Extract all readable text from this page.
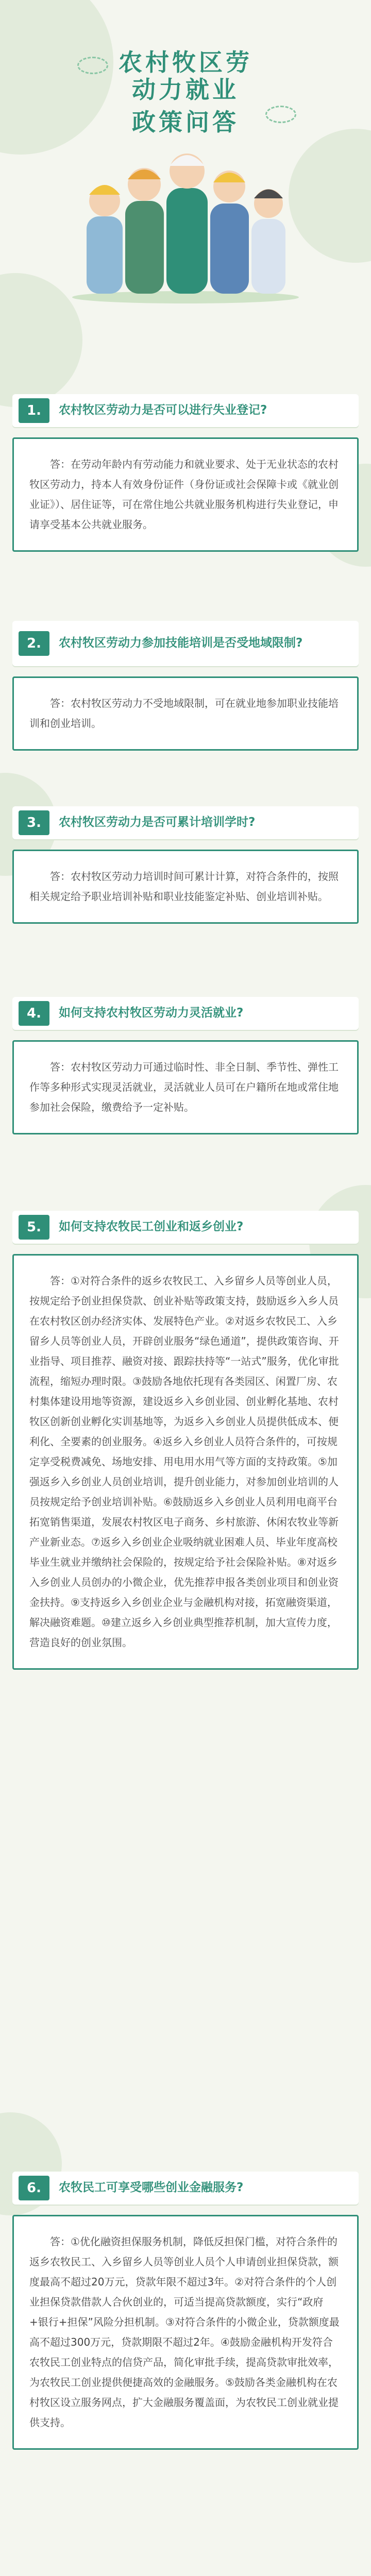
农村牧区劳动力就业
政策问答
1.	农村牧区劳动力是否可以进行失业登记?

答：在劳动年龄内有劳动能力和就业要求、处于无业状态的农村牧区劳动力，持本人有效身份证件（身份证或社会保障卡或《就业创业证》）、居住证等，可在常住地公共就业服务机构进行失业登记，申请享受基本公共就业服务。

2.	农村牧区劳动力参加技能培训是否受地域限制?

答：农村牧区劳动力不受地域限制，可在就业地参加职业技能培训和创业培训。

3.	农村牧区劳动力是否可累计培训学时?

答：农村牧区劳动力培训时间可累计计算，对符合条件的，按照相关规定给予职业培训补贴和职业技能鉴定补贴、创业培训补贴。

4.	如何支持农村牧区劳动力灵活就业?

答：农村牧区劳动力可通过临时性、非全日制、季节性、弹性工作等多种形式实现灵活就业，灵活就业人员可在户籍所在地或常住地参加社会保险，缴费给予一定补贴。

5.	如何支持农牧民工创业和返乡创业?

答：①对符合条件的返乡农牧民工、入乡留乡人员等创业人员，按规定给予创业担保贷款、创业补贴等政策支持，鼓励返乡入乡人员在农村牧区创办经济实体、发展特色产业。②对返乡农牧民工、入乡留乡人员等创业人员，开辟创业服务“绿色通道”，提供政策咨询、开业指导、项目推荐、融资对接、跟踪扶持等“一站式”服务，优化审批流程，缩短办理时限。③鼓励各地依托现有各类园区、闲置厂房、农村集体建设用地等资源，建设返乡入乡创业园、创业孵化基地、农村牧区创新创业孵化实训基地等，为返乡入乡创业人员提供低成本、便利化、全要素的创业服务。④返乡入乡创业人员符合条件的，可按规定享受税费减免、场地安排、用电用水用气等方面的支持政策。⑤加强返乡入乡创业人员创业培训，提升创业能力，对参加创业培训的人员按规定给予创业培训补贴。⑥鼓励返乡入乡创业人员利用电商平台拓宽销售渠道，发展农村牧区电子商务、乡村旅游、休闲农牧业等新产业新业态。⑦返乡入乡创业企业吸纳就业困难人员、毕业年度高校毕业生就业并缴纳社会保险的，按规定给予社会保险补贴。⑧对返乡入乡创业人员创办的小微企业，优先推荐申报各类创业项目和创业资金扶持。⑨支持返乡入乡创业企业与金融机构对接，拓宽融资渠道，解决融资难题。⑩建立返乡入乡创业典型推荐机制，加大宣传力度，营造良好的创业氛围。

6.	农牧民工可享受哪些创业金融服务?

答：①优化融资担保服务机制，降低反担保门槛，对符合条件的返乡农牧民工、入乡留乡人员等创业人员个人申请创业担保贷款，额度最高不超过20万元，贷款年限不超过3年。②对符合条件的个人创业担保贷款借款人合伙创业的，可适当提高贷款额度，实行“政府+银行+担保”风险分担机制。③对符合条件的小微企业，贷款额度最高不超过300万元，贷款期限不超过2年。④鼓励金融机构开发符合农牧民工创业特点的信贷产品，简化审批手续，提高贷款审批效率，为农牧民工创业提供便捷高效的金融服务。⑤鼓励各类金融机构在农村牧区设立服务网点，扩大金融服务覆盖面，为农牧民工创业就业提供支持。
